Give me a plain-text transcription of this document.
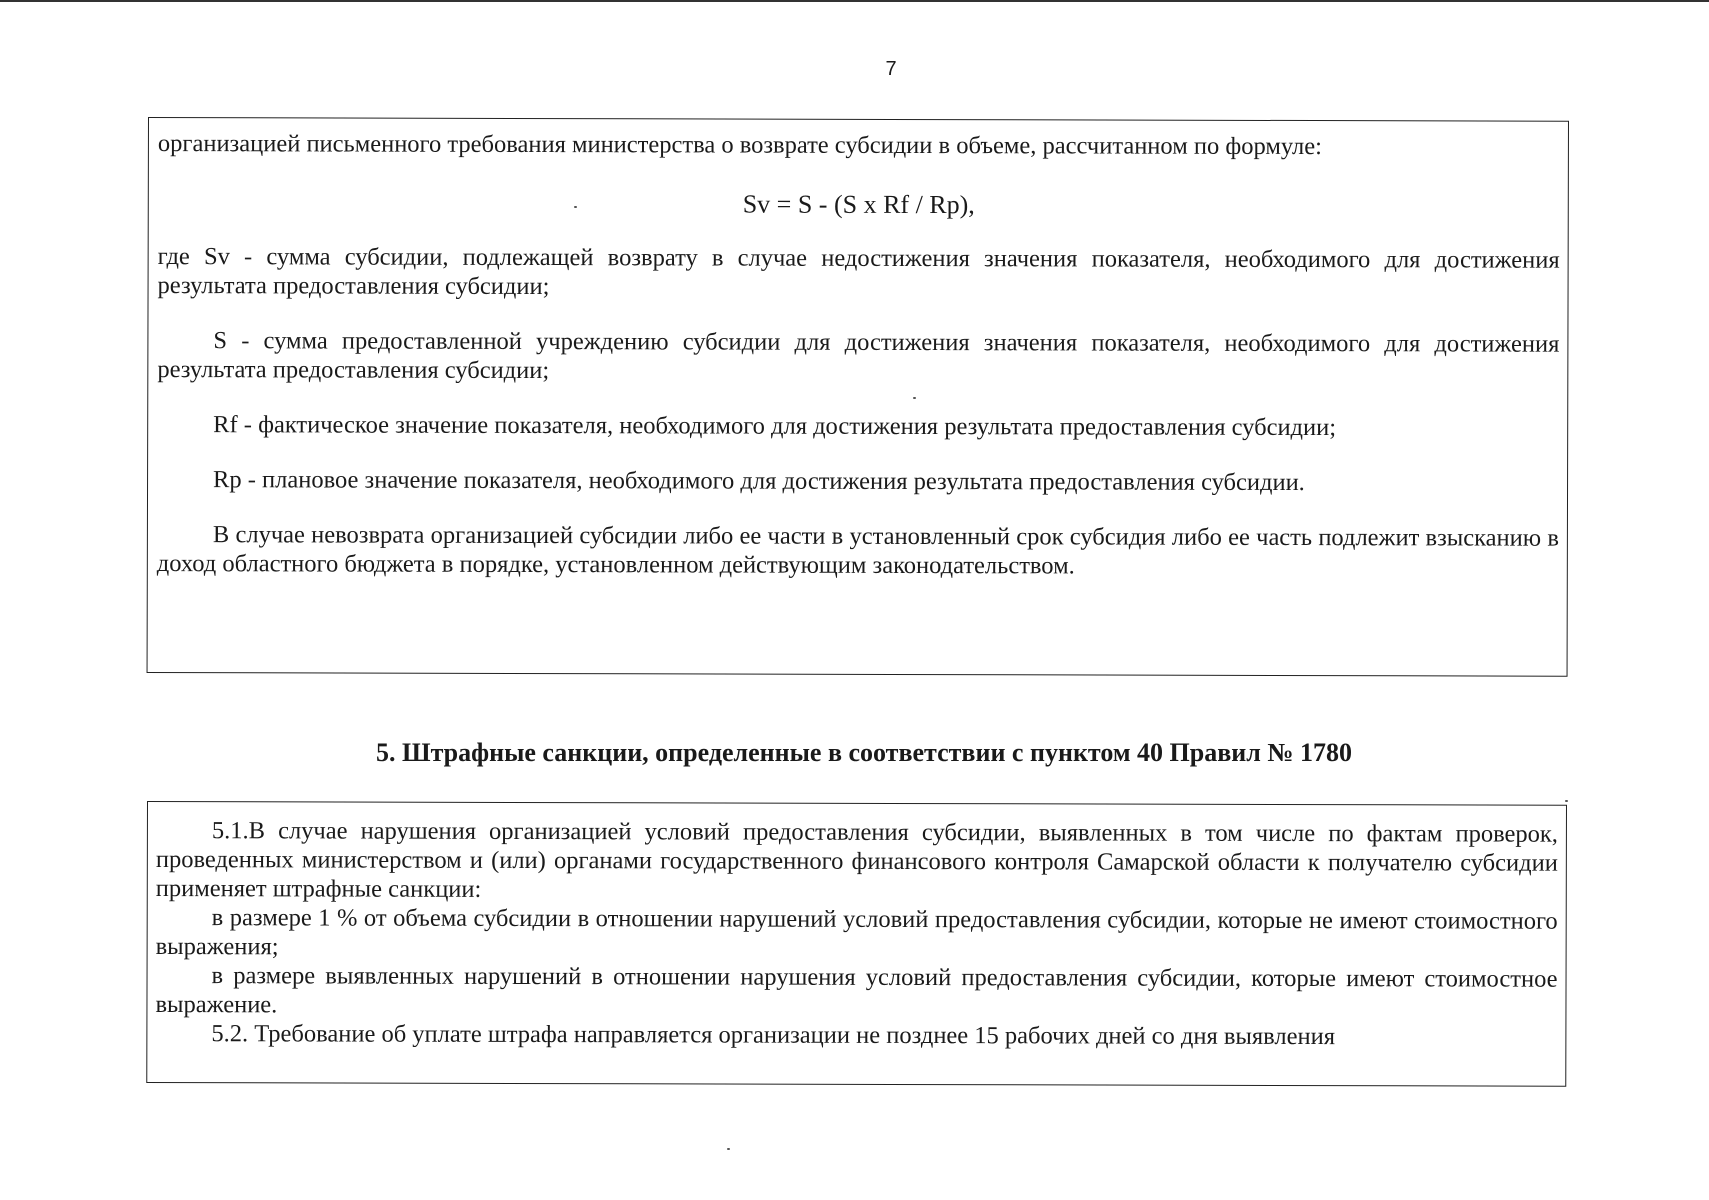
7

организацией письменного требования министерства о возврате субсидии в объеме, рассчитанном по формуле:

Sv = S - (S x Rf / Rp),

где Sv - сумма субсидии, подлежащей возврату в случае недостижения значения показателя, необходимого для достижения результата предоставления субсидии;

S - сумма предоставленной учреждению субсидии для достижения значения показателя, необходимого для достижения результата предоставления субсидии;

Rf - фактическое значение показателя, необходимого для достижения результата предоставления субсидии;

Rp - плановое значение показателя, необходимого для достижения результата предоставления субсидии.

В случае невозврата организацией субсидии либо ее части в установленный срок субсидия либо ее часть подлежит взысканию в доход областного бюджета в порядке, установленном действующим законодательством.

5. Штрафные санкции, определенные в соответствии с пунктом 40 Правил № 1780

5.1.В случае нарушения организацией условий предоставления субсидии, выявленных в том числе по фактам проверок, проведенных министерством и (или) органами государственного финансового контроля Самарской области к получателю субсидии применяет штрафные санкции:

в размере 1 % от объема субсидии в отношении нарушений условий предоставления субсидии, которые не имеют стоимостного выражения;

в размере выявленных нарушений в отношении нарушения условий предоставления субсидии, которые имеют стоимостное выражение.

5.2. Требование об уплате штрафа направляется организации не позднее 15 рабочих дней со дня выявления
